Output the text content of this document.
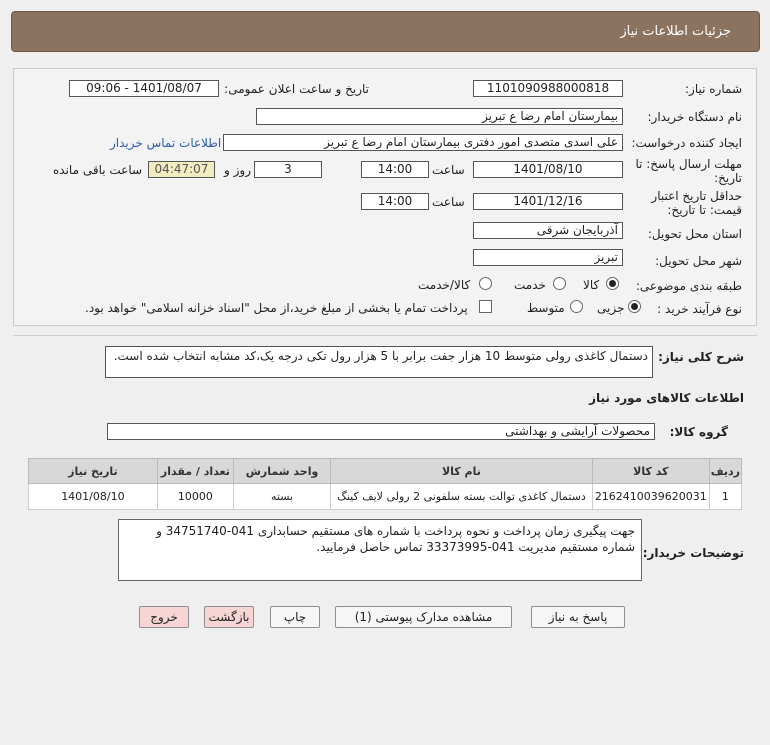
جزئیات اطلاعات نیاز
شماره نیاز:
1101090988000818
تاریخ و ساعت اعلان عمومی:
1401/08/07 - 09:06
نام دستگاه خریدار:
بیمارستان امام رضا ع تبریز
ایجاد کننده درخواست:
علی اسدی متصدی امور دفتری بیمارستان امام رضا ع تبریز
اطلاعات تماس خریدار
مهلت ارسال پاسخ: تا
تاریخ:
1401/08/10
ساعت
14:00
3
روز و
04:47:07
ساعت باقی مانده
حداقل تاریخ اعتبار
قیمت: تا تاریخ:
1401/12/16
ساعت
14:00
استان محل تحویل:
آذربایجان شرقی
شهر محل تحویل:
تبریز
طبقه بندی موضوعی:
کالا
خدمت
کالا/خدمت
نوع فرآیند خرید :
جزیی
متوسط
پرداخت تمام یا بخشی از مبلغ خرید،از محل "اسناد خزانه اسلامی" خواهد بود.
شرح کلی نیاز:
دستمال کاغذی رولی متوسط 10 هزار جفت برابر با 5 هزار رول تکی درجه یک،کد مشابه انتخاب شده است.
اطلاعات کالاهای مورد نیاز
گروه کالا:
محصولات آرایشی و بهداشتی
ردیف	کد کالا	نام کالا	واحد شمارش	تعداد / مقدار	تاریخ نیاز
1	2162410039620031	دستمال کاغذی توالت بسته سلفونی 2 رولی لایف کینگ	بسته	10000	1401/08/10
توضیحات خریدار:
جهت پیگیری زمان پرداخت و نحوه پرداخت با شماره های مستقیم حسابداری 041-34751740 و شماره مستقیم مدیریت 041-33373995 تماس حاصل فرمایید.
پاسخ به نیاز
مشاهده مدارک پیوستی (1)
چاپ
بازگشت
خروج
